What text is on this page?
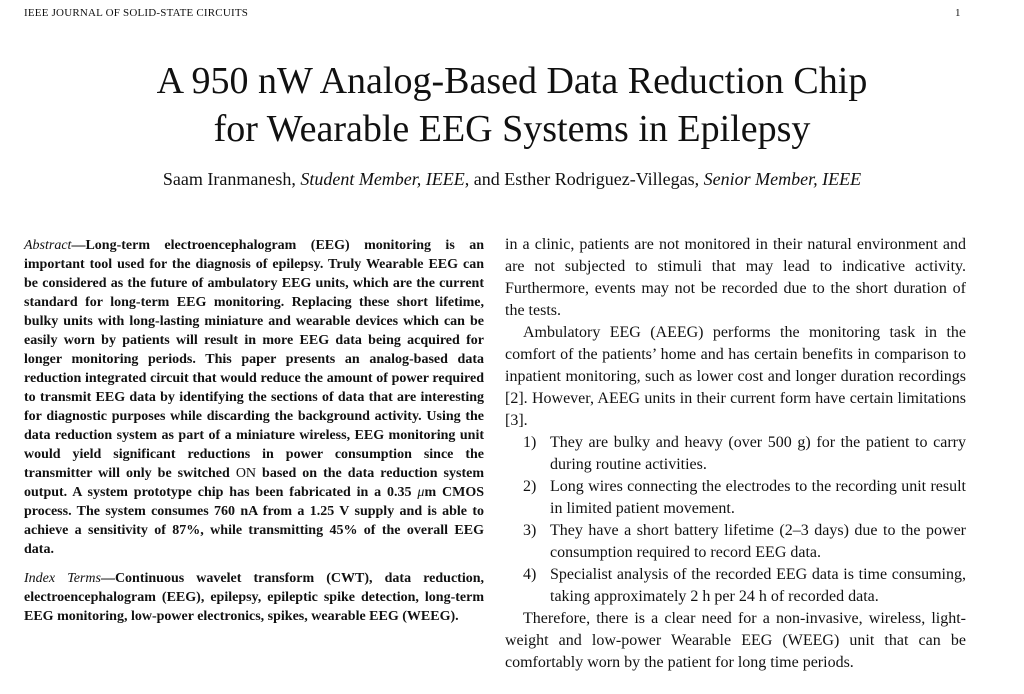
IEEE JOURNAL OF SOLID-STATE CIRCUITS	1
A 950 nW Analog-Based Data Reduction Chip
for Wearable EEG Systems in Epilepsy
Saam Iranmanesh, Student Member, IEEE, and Esther Rodriguez-Villegas, Senior Member, IEEE

Abstract—Long-term electroencephalogram (EEG) monitoring is an important tool used for the diagnosis of epilepsy. Truly Wearable EEG can be considered as the future of ambulatory EEG units, which are the current standard for long-term EEG monitoring. Replacing these short lifetime, bulky units with long-lasting miniature and wearable devices which can be easily worn by patients will result in more EEG data being acquired for longer monitoring periods. This paper presents an analog-based data reduction integrated circuit that would reduce the amount of power required to transmit EEG data by identifying the sections of data that are interesting for diagnostic purposes while discarding the background activity. Using the data reduction system as part of a miniature wireless, EEG monitoring unit would yield significant reductions in power consumption since the transmitter will only be switched ON based on the data reduction system output. A system prototype chip has been fabricated in a 0.35 μm CMOS process. The system consumes 760 nA from a 1.25 V supply and is able to achieve a sensitivity of 87%, while transmitting 45% of the overall EEG data.

Index Terms—Continuous wavelet transform (CWT), data reduction, electroencephalogram (EEG), epilepsy, epileptic spike detection, long-term EEG monitoring, low-power electronics, spikes, wearable EEG (WEEG).

in a clinic, patients are not monitored in their natural environment and are not subjected to stimuli that may lead to indicative activity. Furthermore, events may not be recorded due to the short duration of the tests.

Ambulatory EEG (AEEG) performs the monitoring task in the comfort of the patients’ home and has certain benefits in comparison to inpatient monitoring, such as lower cost and longer duration recordings [2]. However, AEEG units in their current form have certain limitations [3].

1) They are bulky and heavy (over 500 g) for the patient to carry during routine activities.
2) Long wires connecting the electrodes to the recording unit result in limited patient movement.
3) They have a short battery lifetime (2–3 days) due to the power consumption required to record EEG data.
4) Specialist analysis of the recorded EEG data is time consuming, taking approximately 2 h per 24 h of recorded data.

Therefore, there is a clear need for a non-invasive, wireless, light-weight and low-power Wearable EEG (WEEG) unit that can be comfortably worn by the patient for long time periods.
